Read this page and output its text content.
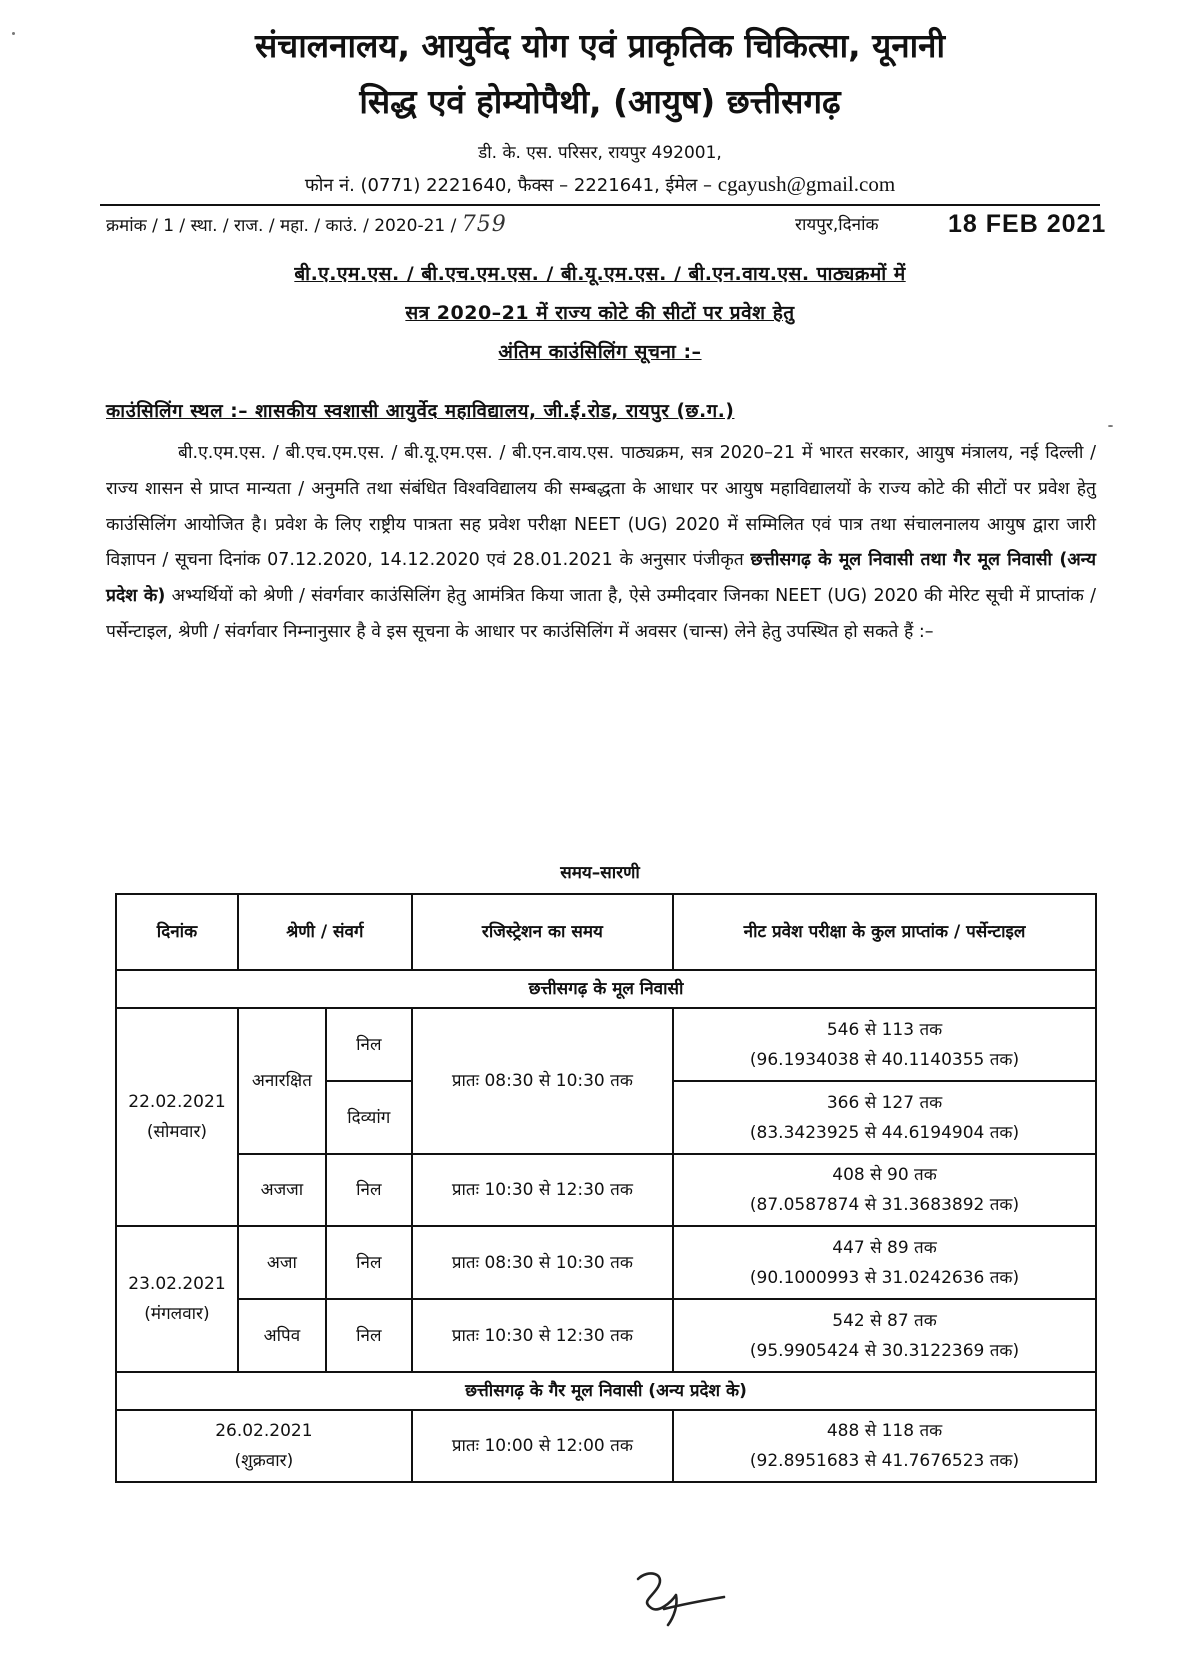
संचालनालय, आयुर्वेद योग एवं प्राकृतिक चिकित्सा, यूनानी
सिद्ध एवं होम्योपैथी, (आयुष) छत्तीसगढ़
डी. के. एस. परिसर, रायपुर 492001,
फोन नं. (0771) 2221640, फैक्स – 2221641, ईमेल – cgayush@gmail.com
क्रमांक / 1 / स्था. / राज. / महा. / काउं. / 2020-21 / 759	रायपुर,दिनांक	18 FEB 2021
बी.ए.एम.एस. / बी.एच.एम.एस. / बी.यू.एम.एस. / बी.एन.वाय.एस. पाठ्यक्रमों में
सत्र 2020–21 में राज्य कोटे की सीटों पर प्रवेश हेतु
अंतिम काउंसिलिंग सूचना :–
काउंसिलिंग स्थल :– शासकीय स्वशासी आयुर्वेद महाविद्यालय, जी.ई.रोड, रायपुर (छ.ग.)

बी.ए.एम.एस. / बी.एच.एम.एस. / बी.यू.एम.एस. / बी.एन.वाय.एस. पाठ्यक्रम, सत्र 2020–21 में भारत सरकार, आयुष मंत्रालय, नई दिल्ली / राज्य शासन से प्राप्त मान्यता / अनुमति तथा संबंधित विश्वविद्यालय की सम्बद्धता के आधार पर आयुष महाविद्यालयों के राज्य कोटे की सीटों पर प्रवेश हेतु काउंसिलिंग आयोजित है। प्रवेश के लिए राष्ट्रीय पात्रता सह प्रवेश परीक्षा NEET (UG) 2020 में सम्मिलित एवं पात्र तथा संचालनालय आयुष द्वारा जारी विज्ञापन / सूचना दिनांक 07.12.2020, 14.12.2020 एवं 28.01.2021 के अनुसार पंजीकृत छत्तीसगढ़ के मूल निवासी तथा गैर मूल निवासी (अन्य प्रदेश के) अभ्यर्थियों को श्रेणी / संवर्गवार काउंसिलिंग हेतु आमंत्रित किया जाता है, ऐसे उम्मीदवार जिनका NEET (UG) 2020 की मेरिट सूची में प्राप्तांक / पर्सेन्टाइल, श्रेणी / संवर्गवार निम्नानुसार है वे इस सूचना के आधार पर काउंसिलिंग में अवसर (चान्स) लेने हेतु उपस्थित हो सकते हैं :–

समय–सारणी
दिनांक	श्रेणी / संवर्ग		रजिस्ट्रेशन का समय	नीट प्रवेश परीक्षा के कुल प्राप्तांक / पर्सेन्टाइल
छत्तीसगढ़ के मूल निवासी				
22.02.2021
(सोमवार)	अनारक्षित	निल	प्रातः 08:30 से 10:30 तक	546 से 113 तक
(96.1934038 से 40.1140355 तक)
		दिव्यांग		366 से 127 तक
(83.3423925 से 44.6194904 तक)
	अजजा	निल	प्रातः 10:30 से 12:30 तक	408 से 90 तक
(87.0587874 से 31.3683892 तक)
23.02.2021
(मंगलवार)	अजा	निल	प्रातः 08:30 से 10:30 तक	447 से 89 तक
(90.1000993 से 31.0242636 तक)
	अपिव	निल	प्रातः 10:30 से 12:30 तक	542 से 87 तक
(95.9905424 से 30.3122369 तक)
छत्तीसगढ़ के गैर मूल निवासी (अन्य प्रदेश के)				
26.02.2021
(शुक्रवार)			प्रातः 10:00 से 12:00 तक	488 से 118 तक
(92.8951683 से 41.7676523 तक)
